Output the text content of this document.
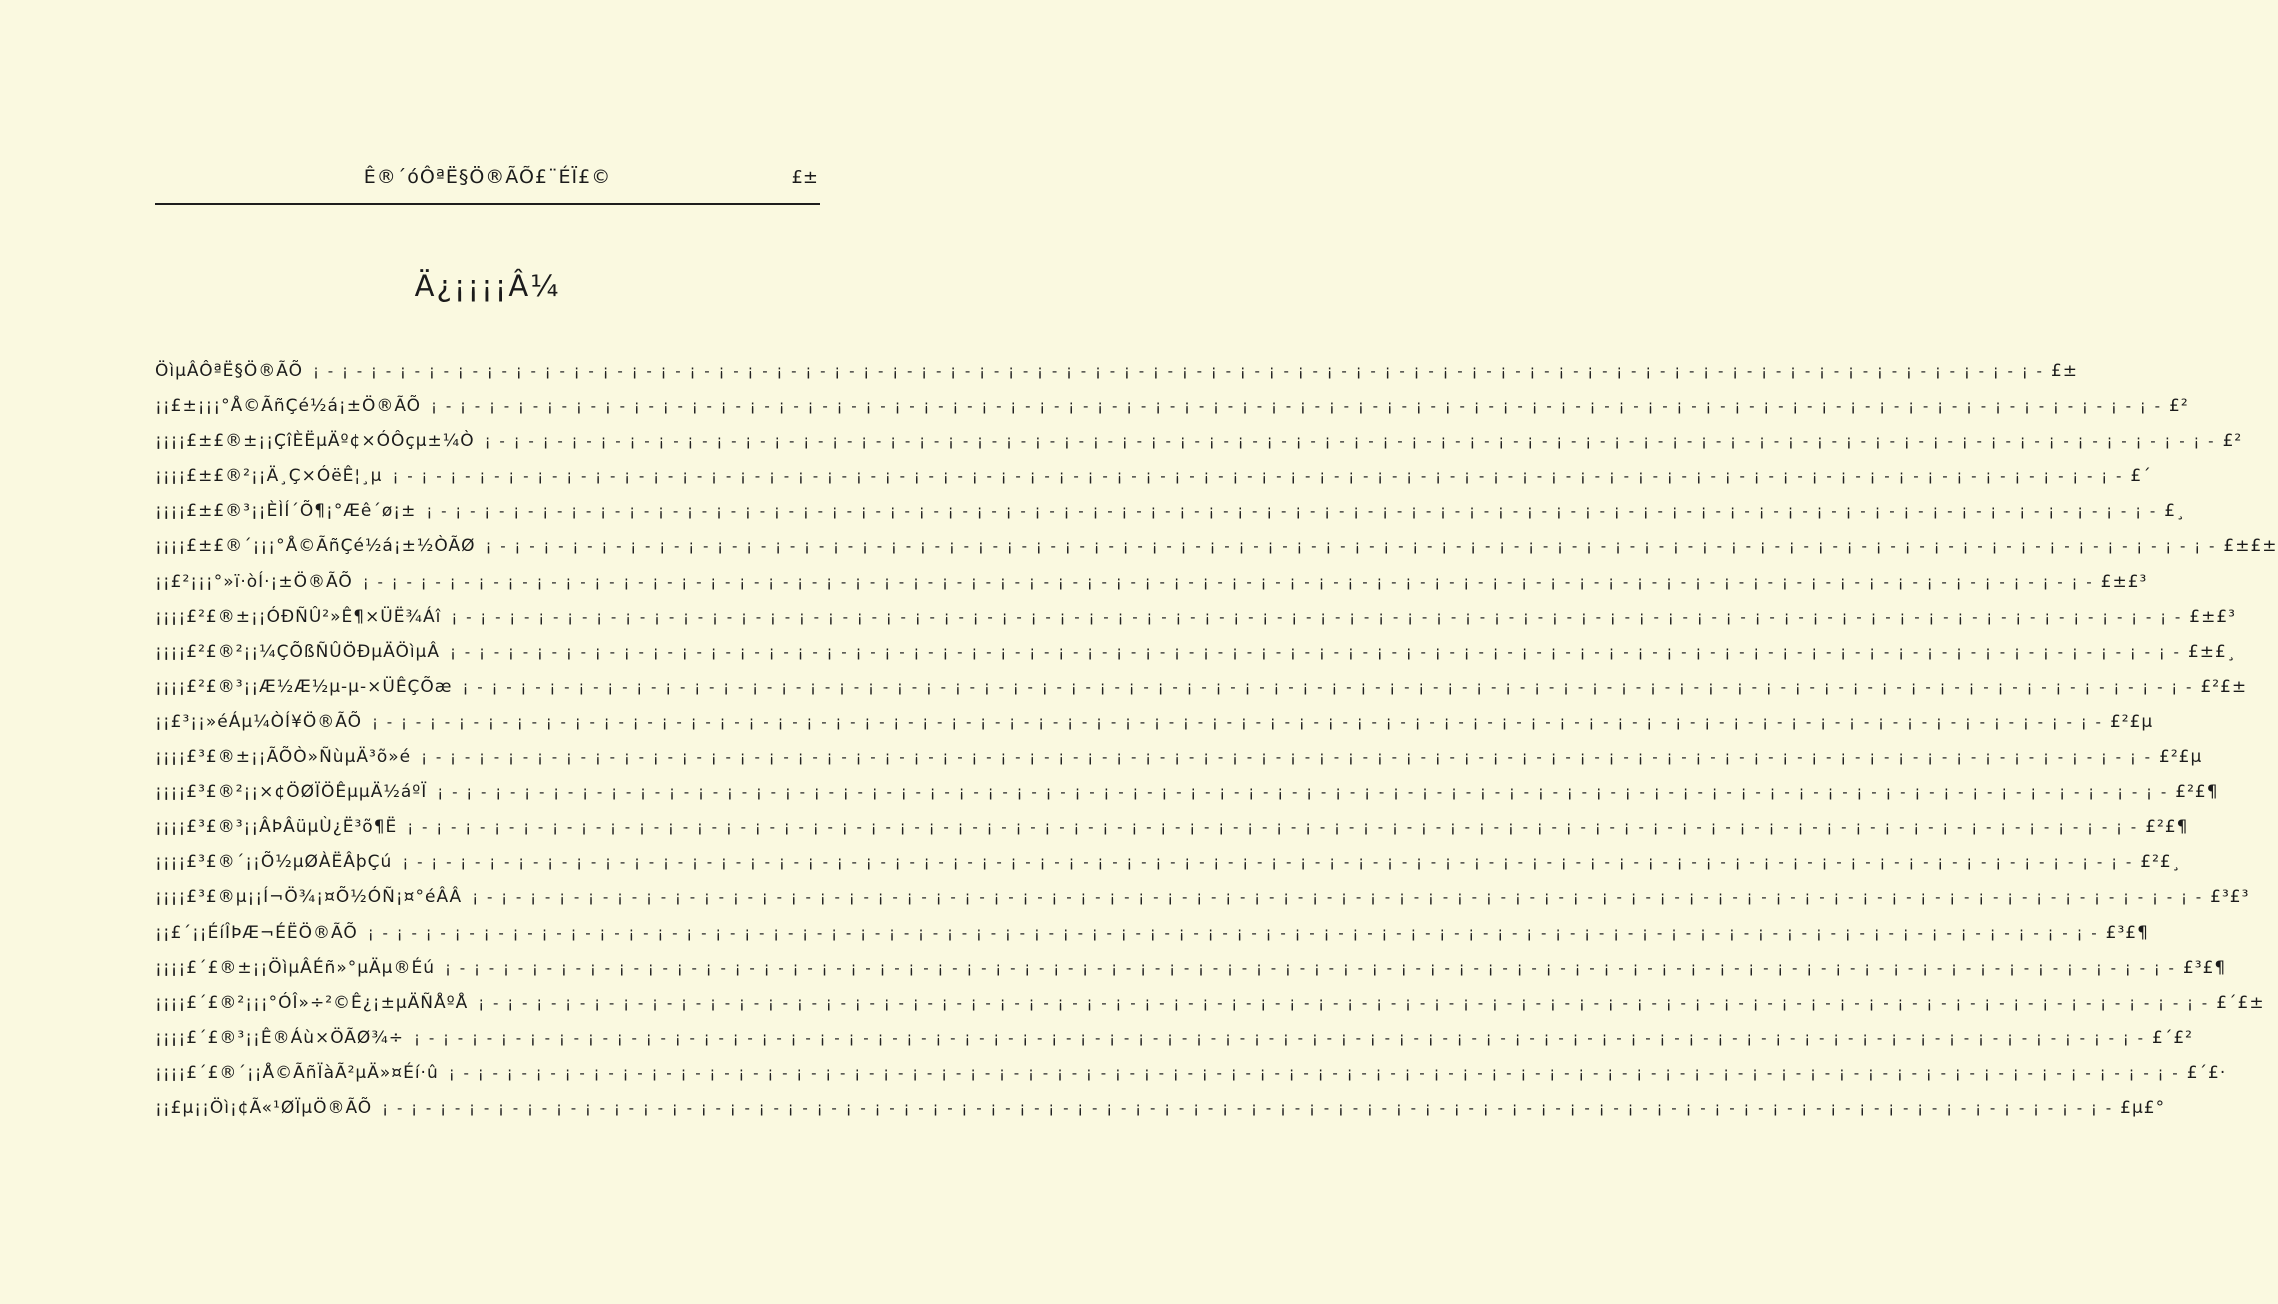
Ê®´óÔªË§Ö®ÃÕ£¨ÉÏ£©	£±
Ä¿¡¡¡¡Â¼
ÖìµÂÔªË§Ö®ÃÕ ¡ - ¡ - ¡ - ¡ - ¡ - ¡ - ¡ - ¡ - ¡ - ¡ - ¡ - ¡ - ¡ - ¡ - ¡ - ¡ - ¡ - ¡ - ¡ - ¡ - ¡ - ¡ - ¡ - ¡ - ¡ - ¡ - ¡ - ¡ - ¡ - ¡ - ¡ - ¡ - ¡ - ¡ - ¡ - ¡ - ¡ - ¡ - ¡ - ¡ - ¡ - ¡ - ¡ - ¡ - ¡ - ¡ - ¡ - ¡ - ¡ - ¡ - ¡ - ¡ - ¡ - ¡ - ¡ - ¡ - ¡ - ¡ - ¡ - ¡ - £±
¡¡£±¡¡¡°Å©ÃñÇé½á¡±Ö®ÃÕ ¡ - ¡ - ¡ - ¡ - ¡ - ¡ - ¡ - ¡ - ¡ - ¡ - ¡ - ¡ - ¡ - ¡ - ¡ - ¡ - ¡ - ¡ - ¡ - ¡ - ¡ - ¡ - ¡ - ¡ - ¡ - ¡ - ¡ - ¡ - ¡ - ¡ - ¡ - ¡ - ¡ - ¡ - ¡ - ¡ - ¡ - ¡ - ¡ - ¡ - ¡ - ¡ - ¡ - ¡ - ¡ - ¡ - ¡ - ¡ - ¡ - ¡ - ¡ - ¡ - ¡ - ¡ - ¡ - ¡ - ¡ - ¡ - ¡ - ¡ - £²
¡¡¡¡£±£®±¡¡ÇîÈËµÄº¢×ÓÔçµ±¼Ò ¡ - ¡ - ¡ - ¡ - ¡ - ¡ - ¡ - ¡ - ¡ - ¡ - ¡ - ¡ - ¡ - ¡ - ¡ - ¡ - ¡ - ¡ - ¡ - ¡ - ¡ - ¡ - ¡ - ¡ - ¡ - ¡ - ¡ - ¡ - ¡ - ¡ - ¡ - ¡ - ¡ - ¡ - ¡ - ¡ - ¡ - ¡ - ¡ - ¡ - ¡ - ¡ - ¡ - ¡ - ¡ - ¡ - ¡ - ¡ - ¡ - ¡ - ¡ - ¡ - ¡ - ¡ - ¡ - ¡ - ¡ - ¡ - ¡ - ¡ - £²
¡¡¡¡£±£®²¡¡Ä¸Ç×ÓëÊ¦¸µ ¡ - ¡ - ¡ - ¡ - ¡ - ¡ - ¡ - ¡ - ¡ - ¡ - ¡ - ¡ - ¡ - ¡ - ¡ - ¡ - ¡ - ¡ - ¡ - ¡ - ¡ - ¡ - ¡ - ¡ - ¡ - ¡ - ¡ - ¡ - ¡ - ¡ - ¡ - ¡ - ¡ - ¡ - ¡ - ¡ - ¡ - ¡ - ¡ - ¡ - ¡ - ¡ - ¡ - ¡ - ¡ - ¡ - ¡ - ¡ - ¡ - ¡ - ¡ - ¡ - ¡ - ¡ - ¡ - ¡ - ¡ - ¡ - ¡ - ¡ - £´
¡¡¡¡£±£®³¡¡ÈÌÍ´Õ¶¡°Æê´ø¡± ¡ - ¡ - ¡ - ¡ - ¡ - ¡ - ¡ - ¡ - ¡ - ¡ - ¡ - ¡ - ¡ - ¡ - ¡ - ¡ - ¡ - ¡ - ¡ - ¡ - ¡ - ¡ - ¡ - ¡ - ¡ - ¡ - ¡ - ¡ - ¡ - ¡ - ¡ - ¡ - ¡ - ¡ - ¡ - ¡ - ¡ - ¡ - ¡ - ¡ - ¡ - ¡ - ¡ - ¡ - ¡ - ¡ - ¡ - ¡ - ¡ - ¡ - ¡ - ¡ - ¡ - ¡ - ¡ - ¡ - ¡ - ¡ - ¡ - ¡ - £¸
¡¡¡¡£±£®´¡¡¡°Å©ÃñÇé½á¡±½ÒÃØ ¡ - ¡ - ¡ - ¡ - ¡ - ¡ - ¡ - ¡ - ¡ - ¡ - ¡ - ¡ - ¡ - ¡ - ¡ - ¡ - ¡ - ¡ - ¡ - ¡ - ¡ - ¡ - ¡ - ¡ - ¡ - ¡ - ¡ - ¡ - ¡ - ¡ - ¡ - ¡ - ¡ - ¡ - ¡ - ¡ - ¡ - ¡ - ¡ - ¡ - ¡ - ¡ - ¡ - ¡ - ¡ - ¡ - ¡ - ¡ - ¡ - ¡ - ¡ - ¡ - ¡ - ¡ - ¡ - ¡ - ¡ - ¡ - ¡ - ¡ - £±£±
¡¡£²¡¡¡°»ï·òÍ·¡±Ö®ÃÕ ¡ - ¡ - ¡ - ¡ - ¡ - ¡ - ¡ - ¡ - ¡ - ¡ - ¡ - ¡ - ¡ - ¡ - ¡ - ¡ - ¡ - ¡ - ¡ - ¡ - ¡ - ¡ - ¡ - ¡ - ¡ - ¡ - ¡ - ¡ - ¡ - ¡ - ¡ - ¡ - ¡ - ¡ - ¡ - ¡ - ¡ - ¡ - ¡ - ¡ - ¡ - ¡ - ¡ - ¡ - ¡ - ¡ - ¡ - ¡ - ¡ - ¡ - ¡ - ¡ - ¡ - ¡ - ¡ - ¡ - ¡ - ¡ - ¡ - ¡ - £±£³
¡¡¡¡£²£®±¡¡ÓÐÑÛ²»Ê¶×ÜË¾Áî ¡ - ¡ - ¡ - ¡ - ¡ - ¡ - ¡ - ¡ - ¡ - ¡ - ¡ - ¡ - ¡ - ¡ - ¡ - ¡ - ¡ - ¡ - ¡ - ¡ - ¡ - ¡ - ¡ - ¡ - ¡ - ¡ - ¡ - ¡ - ¡ - ¡ - ¡ - ¡ - ¡ - ¡ - ¡ - ¡ - ¡ - ¡ - ¡ - ¡ - ¡ - ¡ - ¡ - ¡ - ¡ - ¡ - ¡ - ¡ - ¡ - ¡ - ¡ - ¡ - ¡ - ¡ - ¡ - ¡ - ¡ - ¡ - ¡ - ¡ - £±£³
¡¡¡¡£²£®²¡¡¼ÇÕßÑÛÖÐµÄÖìµÂ ¡ - ¡ - ¡ - ¡ - ¡ - ¡ - ¡ - ¡ - ¡ - ¡ - ¡ - ¡ - ¡ - ¡ - ¡ - ¡ - ¡ - ¡ - ¡ - ¡ - ¡ - ¡ - ¡ - ¡ - ¡ - ¡ - ¡ - ¡ - ¡ - ¡ - ¡ - ¡ - ¡ - ¡ - ¡ - ¡ - ¡ - ¡ - ¡ - ¡ - ¡ - ¡ - ¡ - ¡ - ¡ - ¡ - ¡ - ¡ - ¡ - ¡ - ¡ - ¡ - ¡ - ¡ - ¡ - ¡ - ¡ - ¡ - ¡ - ¡ - £±£¸
¡¡¡¡£²£®³¡¡Æ½Æ½µ-µ-×ÜÊÇÕæ ¡ - ¡ - ¡ - ¡ - ¡ - ¡ - ¡ - ¡ - ¡ - ¡ - ¡ - ¡ - ¡ - ¡ - ¡ - ¡ - ¡ - ¡ - ¡ - ¡ - ¡ - ¡ - ¡ - ¡ - ¡ - ¡ - ¡ - ¡ - ¡ - ¡ - ¡ - ¡ - ¡ - ¡ - ¡ - ¡ - ¡ - ¡ - ¡ - ¡ - ¡ - ¡ - ¡ - ¡ - ¡ - ¡ - ¡ - ¡ - ¡ - ¡ - ¡ - ¡ - ¡ - ¡ - ¡ - ¡ - ¡ - ¡ - ¡ - ¡ - £²£±
¡¡£³¡¡»éÁµ¼ÒÍ¥Ö®ÃÕ ¡ - ¡ - ¡ - ¡ - ¡ - ¡ - ¡ - ¡ - ¡ - ¡ - ¡ - ¡ - ¡ - ¡ - ¡ - ¡ - ¡ - ¡ - ¡ - ¡ - ¡ - ¡ - ¡ - ¡ - ¡ - ¡ - ¡ - ¡ - ¡ - ¡ - ¡ - ¡ - ¡ - ¡ - ¡ - ¡ - ¡ - ¡ - ¡ - ¡ - ¡ - ¡ - ¡ - ¡ - ¡ - ¡ - ¡ - ¡ - ¡ - ¡ - ¡ - ¡ - ¡ - ¡ - ¡ - ¡ - ¡ - ¡ - ¡ - ¡ - £²£µ
¡¡¡¡£³£®±¡¡ÃÕÒ»ÑùµÄ³õ»é ¡ - ¡ - ¡ - ¡ - ¡ - ¡ - ¡ - ¡ - ¡ - ¡ - ¡ - ¡ - ¡ - ¡ - ¡ - ¡ - ¡ - ¡ - ¡ - ¡ - ¡ - ¡ - ¡ - ¡ - ¡ - ¡ - ¡ - ¡ - ¡ - ¡ - ¡ - ¡ - ¡ - ¡ - ¡ - ¡ - ¡ - ¡ - ¡ - ¡ - ¡ - ¡ - ¡ - ¡ - ¡ - ¡ - ¡ - ¡ - ¡ - ¡ - ¡ - ¡ - ¡ - ¡ - ¡ - ¡ - ¡ - ¡ - ¡ - ¡ - £²£µ
¡¡¡¡£³£®²¡¡×¢ÖØÏÖÊµµÄ½áºÏ ¡ - ¡ - ¡ - ¡ - ¡ - ¡ - ¡ - ¡ - ¡ - ¡ - ¡ - ¡ - ¡ - ¡ - ¡ - ¡ - ¡ - ¡ - ¡ - ¡ - ¡ - ¡ - ¡ - ¡ - ¡ - ¡ - ¡ - ¡ - ¡ - ¡ - ¡ - ¡ - ¡ - ¡ - ¡ - ¡ - ¡ - ¡ - ¡ - ¡ - ¡ - ¡ - ¡ - ¡ - ¡ - ¡ - ¡ - ¡ - ¡ - ¡ - ¡ - ¡ - ¡ - ¡ - ¡ - ¡ - ¡ - ¡ - ¡ - ¡ - £²£¶
¡¡¡¡£³£®³¡¡ÂÞÂüµÙ¿Ë³õ¶Ë ¡ - ¡ - ¡ - ¡ - ¡ - ¡ - ¡ - ¡ - ¡ - ¡ - ¡ - ¡ - ¡ - ¡ - ¡ - ¡ - ¡ - ¡ - ¡ - ¡ - ¡ - ¡ - ¡ - ¡ - ¡ - ¡ - ¡ - ¡ - ¡ - ¡ - ¡ - ¡ - ¡ - ¡ - ¡ - ¡ - ¡ - ¡ - ¡ - ¡ - ¡ - ¡ - ¡ - ¡ - ¡ - ¡ - ¡ - ¡ - ¡ - ¡ - ¡ - ¡ - ¡ - ¡ - ¡ - ¡ - ¡ - ¡ - ¡ - ¡ - £²£¶
¡¡¡¡£³£®´¡¡Õ½µØÀËÂþÇú ¡ - ¡ - ¡ - ¡ - ¡ - ¡ - ¡ - ¡ - ¡ - ¡ - ¡ - ¡ - ¡ - ¡ - ¡ - ¡ - ¡ - ¡ - ¡ - ¡ - ¡ - ¡ - ¡ - ¡ - ¡ - ¡ - ¡ - ¡ - ¡ - ¡ - ¡ - ¡ - ¡ - ¡ - ¡ - ¡ - ¡ - ¡ - ¡ - ¡ - ¡ - ¡ - ¡ - ¡ - ¡ - ¡ - ¡ - ¡ - ¡ - ¡ - ¡ - ¡ - ¡ - ¡ - ¡ - ¡ - ¡ - ¡ - ¡ - ¡ - £²£¸
¡¡¡¡£³£®µ¡¡Í¬Ö¾¡¤Õ½ÓÑ¡¤°éÂÂ ¡ - ¡ - ¡ - ¡ - ¡ - ¡ - ¡ - ¡ - ¡ - ¡ - ¡ - ¡ - ¡ - ¡ - ¡ - ¡ - ¡ - ¡ - ¡ - ¡ - ¡ - ¡ - ¡ - ¡ - ¡ - ¡ - ¡ - ¡ - ¡ - ¡ - ¡ - ¡ - ¡ - ¡ - ¡ - ¡ - ¡ - ¡ - ¡ - ¡ - ¡ - ¡ - ¡ - ¡ - ¡ - ¡ - ¡ - ¡ - ¡ - ¡ - ¡ - ¡ - ¡ - ¡ - ¡ - ¡ - ¡ - ¡ - ¡ - ¡ - £³£³
¡¡£´¡¡ÉíÎÞÆ¬ÉËÖ®ÃÕ ¡ - ¡ - ¡ - ¡ - ¡ - ¡ - ¡ - ¡ - ¡ - ¡ - ¡ - ¡ - ¡ - ¡ - ¡ - ¡ - ¡ - ¡ - ¡ - ¡ - ¡ - ¡ - ¡ - ¡ - ¡ - ¡ - ¡ - ¡ - ¡ - ¡ - ¡ - ¡ - ¡ - ¡ - ¡ - ¡ - ¡ - ¡ - ¡ - ¡ - ¡ - ¡ - ¡ - ¡ - ¡ - ¡ - ¡ - ¡ - ¡ - ¡ - ¡ - ¡ - ¡ - ¡ - ¡ - ¡ - ¡ - ¡ - ¡ - ¡ - £³£¶
¡¡¡¡£´£®±¡¡ÖìµÂÉñ»°µÄµ®Éú ¡ - ¡ - ¡ - ¡ - ¡ - ¡ - ¡ - ¡ - ¡ - ¡ - ¡ - ¡ - ¡ - ¡ - ¡ - ¡ - ¡ - ¡ - ¡ - ¡ - ¡ - ¡ - ¡ - ¡ - ¡ - ¡ - ¡ - ¡ - ¡ - ¡ - ¡ - ¡ - ¡ - ¡ - ¡ - ¡ - ¡ - ¡ - ¡ - ¡ - ¡ - ¡ - ¡ - ¡ - ¡ - ¡ - ¡ - ¡ - ¡ - ¡ - ¡ - ¡ - ¡ - ¡ - ¡ - ¡ - ¡ - ¡ - ¡ - ¡ - £³£¶
¡¡¡¡£´£®²¡¡¡°ÓÎ»÷²©Ê¿¡±µÄÑÅºÅ ¡ - ¡ - ¡ - ¡ - ¡ - ¡ - ¡ - ¡ - ¡ - ¡ - ¡ - ¡ - ¡ - ¡ - ¡ - ¡ - ¡ - ¡ - ¡ - ¡ - ¡ - ¡ - ¡ - ¡ - ¡ - ¡ - ¡ - ¡ - ¡ - ¡ - ¡ - ¡ - ¡ - ¡ - ¡ - ¡ - ¡ - ¡ - ¡ - ¡ - ¡ - ¡ - ¡ - ¡ - ¡ - ¡ - ¡ - ¡ - ¡ - ¡ - ¡ - ¡ - ¡ - ¡ - ¡ - ¡ - ¡ - ¡ - ¡ - ¡ - £´£±
¡¡¡¡£´£®³¡¡Ê®Áù×ÖÃØ¾÷ ¡ - ¡ - ¡ - ¡ - ¡ - ¡ - ¡ - ¡ - ¡ - ¡ - ¡ - ¡ - ¡ - ¡ - ¡ - ¡ - ¡ - ¡ - ¡ - ¡ - ¡ - ¡ - ¡ - ¡ - ¡ - ¡ - ¡ - ¡ - ¡ - ¡ - ¡ - ¡ - ¡ - ¡ - ¡ - ¡ - ¡ - ¡ - ¡ - ¡ - ¡ - ¡ - ¡ - ¡ - ¡ - ¡ - ¡ - ¡ - ¡ - ¡ - ¡ - ¡ - ¡ - ¡ - ¡ - ¡ - ¡ - ¡ - ¡ - ¡ - £´£²
¡¡¡¡£´£®´¡¡Å©ÃñÏàÃ²µÄ»¤Éí·û ¡ - ¡ - ¡ - ¡ - ¡ - ¡ - ¡ - ¡ - ¡ - ¡ - ¡ - ¡ - ¡ - ¡ - ¡ - ¡ - ¡ - ¡ - ¡ - ¡ - ¡ - ¡ - ¡ - ¡ - ¡ - ¡ - ¡ - ¡ - ¡ - ¡ - ¡ - ¡ - ¡ - ¡ - ¡ - ¡ - ¡ - ¡ - ¡ - ¡ - ¡ - ¡ - ¡ - ¡ - ¡ - ¡ - ¡ - ¡ - ¡ - ¡ - ¡ - ¡ - ¡ - ¡ - ¡ - ¡ - ¡ - ¡ - ¡ - ¡ - £´£·
¡¡£µ¡¡Öì¡¢Ã«¹ØÏµÖ®ÃÕ ¡ - ¡ - ¡ - ¡ - ¡ - ¡ - ¡ - ¡ - ¡ - ¡ - ¡ - ¡ - ¡ - ¡ - ¡ - ¡ - ¡ - ¡ - ¡ - ¡ - ¡ - ¡ - ¡ - ¡ - ¡ - ¡ - ¡ - ¡ - ¡ - ¡ - ¡ - ¡ - ¡ - ¡ - ¡ - ¡ - ¡ - ¡ - ¡ - ¡ - ¡ - ¡ - ¡ - ¡ - ¡ - ¡ - ¡ - ¡ - ¡ - ¡ - ¡ - ¡ - ¡ - ¡ - ¡ - ¡ - ¡ - ¡ - ¡ - ¡ - £µ£°
